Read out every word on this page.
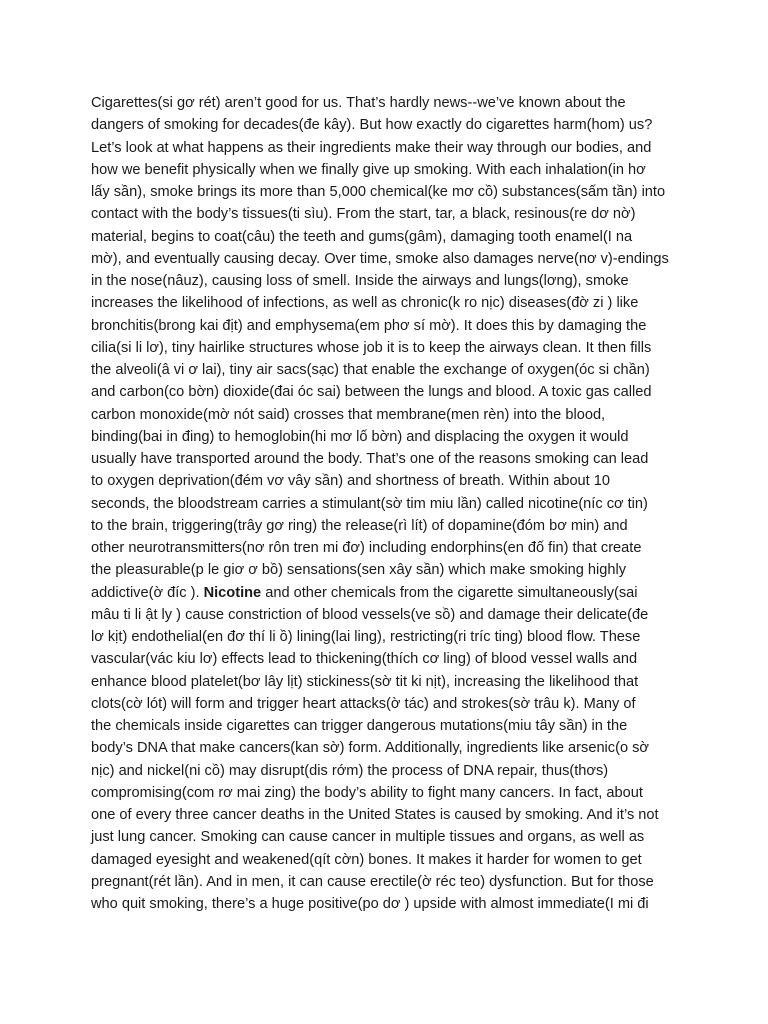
Cigarettes(si gơ rét) aren’t good for us. That’s hardly news--we’ve known about the
dangers of smoking for decades(đe kây). But how exactly do cigarettes harm(hom) us?
Let’s look at what happens as their ingredients make their way through our bodies, and
how we benefit physically when we finally give up smoking. With each inhalation(in hơ
lấy sần), smoke brings its more than 5,000 chemical(ke mơ cồ) substances(sấm tần) into
contact with the body’s tissues(ti sìu). From the start, tar, a black, resinous(re dơ nờ)
material, begins to coat(câu) the teeth and gums(gâm), damaging tooth enamel(I na
mờ), and eventually causing decay. Over time, smoke also damages nerve(nơ v)-endings
in the nose(nâuz), causing loss of smell. Inside the airways and lungs(lơng), smoke
increases the likelihood of infections, as well as chronic(k ro nịc) diseases(đờ zi ) like
bronchitis(brong kai địt) and emphysema(em phơ sí mờ). It does this by damaging the
cilia(si li lơ), tiny hairlike structures whose job it is to keep the airways clean. It then fills
the alveoli(â vi ơ lai), tiny air sacs(sạc) that enable the exchange of oxygen(óc si chần)
and carbon(co bờn) dioxide(đai óc sai) between the lungs and blood. A toxic gas called
carbon monoxide(mờ nót said) crosses that membrane(men rèn) into the blood,
binding(bai in đing) to hemoglobin(hi mơ lố bờn) and displacing the oxygen it would
usually have transported around the body. That’s one of the reasons smoking can lead
to oxygen deprivation(đém vơ vây sần) and shortness of breath. Within about 10
seconds, the bloodstream carries a stimulant(sờ tim miu lần) called nicotine(níc cơ tin)
to the brain, triggering(trây gơ ring) the release(rì lít) of dopamine(đóm bơ min) and
other neurotransmitters(nơ rôn tren mi đơ) including endorphins(en đố fin) that create
the pleasurable(p le giơ ơ bồ) sensations(sen xây sần) which make smoking highly
addictive(ờ đíc ). Nicotine and other chemicals from the cigarette simultaneously(sai
mâu ti li ật ly ) cause constriction of blood vessels(ve sồ) and damage their delicate(đe
lơ kịt) endothelial(en đơ thí li ồ) lining(lai ling), restricting(ri tríc ting) blood flow. These
vascular(vác kiu lơ) effects lead to thickening(thích cơ ling) of blood vessel walls and
enhance blood platelet(bơ lây lịt) stickiness(sờ tit ki nịt), increasing the likelihood that
clots(cờ lót) will form and trigger heart attacks(ờ tác) and strokes(sờ trâu k). Many of
the chemicals inside cigarettes can trigger dangerous mutations(miu tây sần) in the
body’s DNA that make cancers(kan sờ) form. Additionally, ingredients like arsenic(o sờ
nịc) and nickel(ni cồ) may disrupt(dis rớm) the process of DNA repair, thus(thơs)
compromising(com rơ mai zing) the body’s ability to fight many cancers. In fact, about
one of every three cancer deaths in the United States is caused by smoking. And it’s not
just lung cancer. Smoking can cause cancer in multiple tissues and organs, as well as
damaged eyesight and weakened(qít cờn) bones. It makes it harder for women to get
pregnant(rét lần). And in men, it can cause erectile(ờ réc teo) dysfunction. But for those
who quit smoking, there’s a huge positive(po dơ ) upside with almost immediate(I mi đi
